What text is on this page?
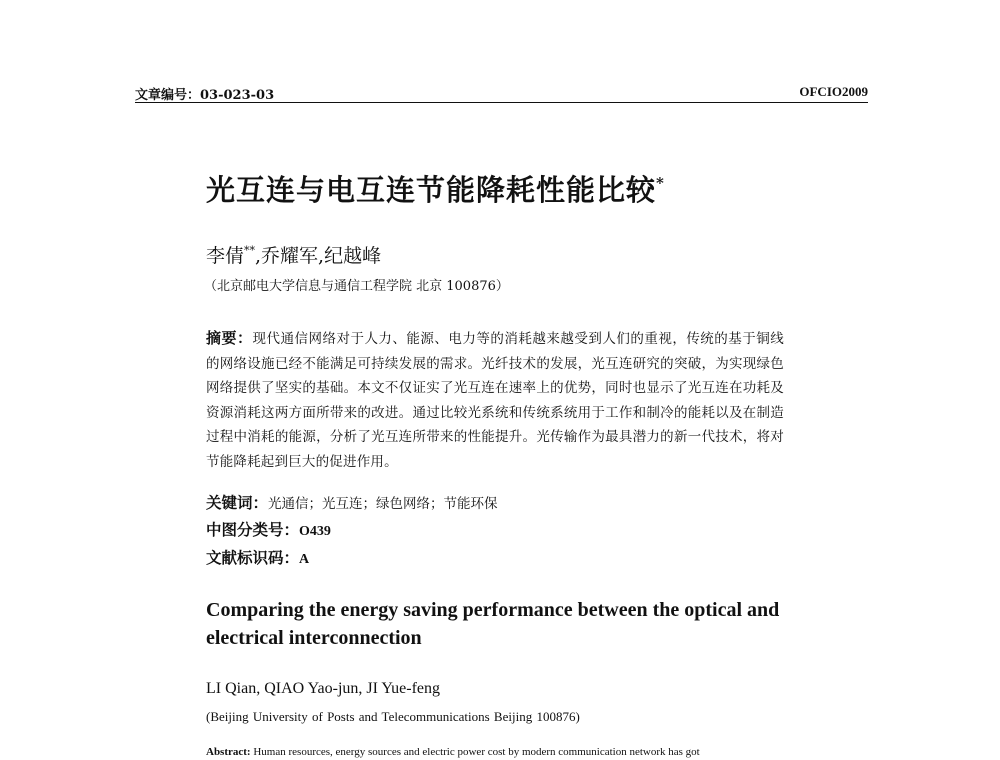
文章编号：03-023-03	OFCIO2009
光互连与电互连节能降耗性能比较*
李倩**,乔耀军,纪越峰
（北京邮电大学信息与通信工程学院 北京 100876）
摘要：现代通信网络对于人力、能源、电力等的消耗越来越受到人们的重视，传统的基于铜线的网络设施已经不能满足可持续发展的需求。光纤技术的发展，光互连研究的突破，为实现绿色网络提供了坚实的基础。本文不仅证实了光互连在速率上的优势，同时也显示了光互连在功耗及资源消耗这两方面所带来的改进。通过比较光系统和传统系统用于工作和制冷的能耗以及在制造过程中消耗的能源，分析了光互连所带来的性能提升。光传输作为最具潜力的新一代技术，将对节能降耗起到巨大的促进作用。
关键词：光通信；光互连；绿色网络；节能环保
中图分类号：O439
文献标识码：A
Comparing the energy saving performance between the optical and electrical interconnection
LI Qian, QIAO Yao-jun, JI Yue-feng
(Beijing University of Posts and Telecommunications Beijing 100876)
Abstract: Human resources, energy sources and electric power cost by modern communication network has got
